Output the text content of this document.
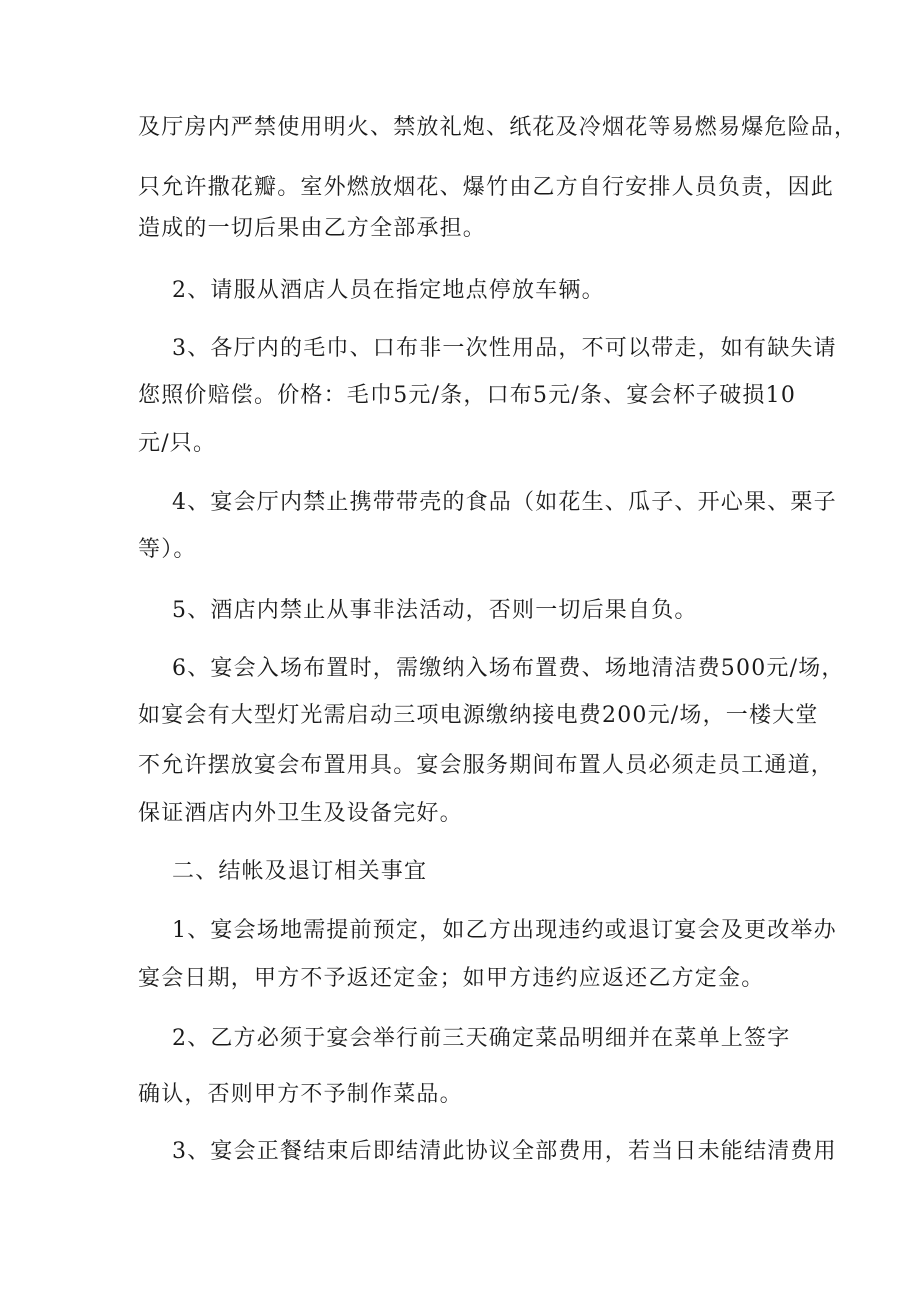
及厅房内严禁使用明火、禁放礼炮、纸花及冷烟花等易燃易爆危险品，
只允许撒花瓣。室外燃放烟花、爆竹由乙方自行安排人员负责，因此
造成的一切后果由乙方全部承担。
2、请服从酒店人员在指定地点停放车辆。
3、各厅内的毛巾、口布非一次性用品，不可以带走，如有缺失请
您照价赔偿。价格：毛巾5元/条，口布5元/条、宴会杯子破损10
元/只。
4、宴会厅内禁止携带带壳的食品（如花生、瓜子、开心果、栗子
等）。
5、酒店内禁止从事非法活动，否则一切后果自负。
6、宴会入场布置时，需缴纳入场布置费、场地清洁费500元/场，
如宴会有大型灯光需启动三项电源缴纳接电费200元/场，一楼大堂
不允许摆放宴会布置用具。宴会服务期间布置人员必须走员工通道，
保证酒店内外卫生及设备完好。
二、结帐及退订相关事宜
1、宴会场地需提前预定，如乙方出现违约或退订宴会及更改举办
宴会日期，甲方不予返还定金；如甲方违约应返还乙方定金。
2、乙方必须于宴会举行前三天确定菜品明细并在菜单上签字
确认，否则甲方不予制作菜品。
3、宴会正餐结束后即结清此协议全部费用，若当日未能结清费用
